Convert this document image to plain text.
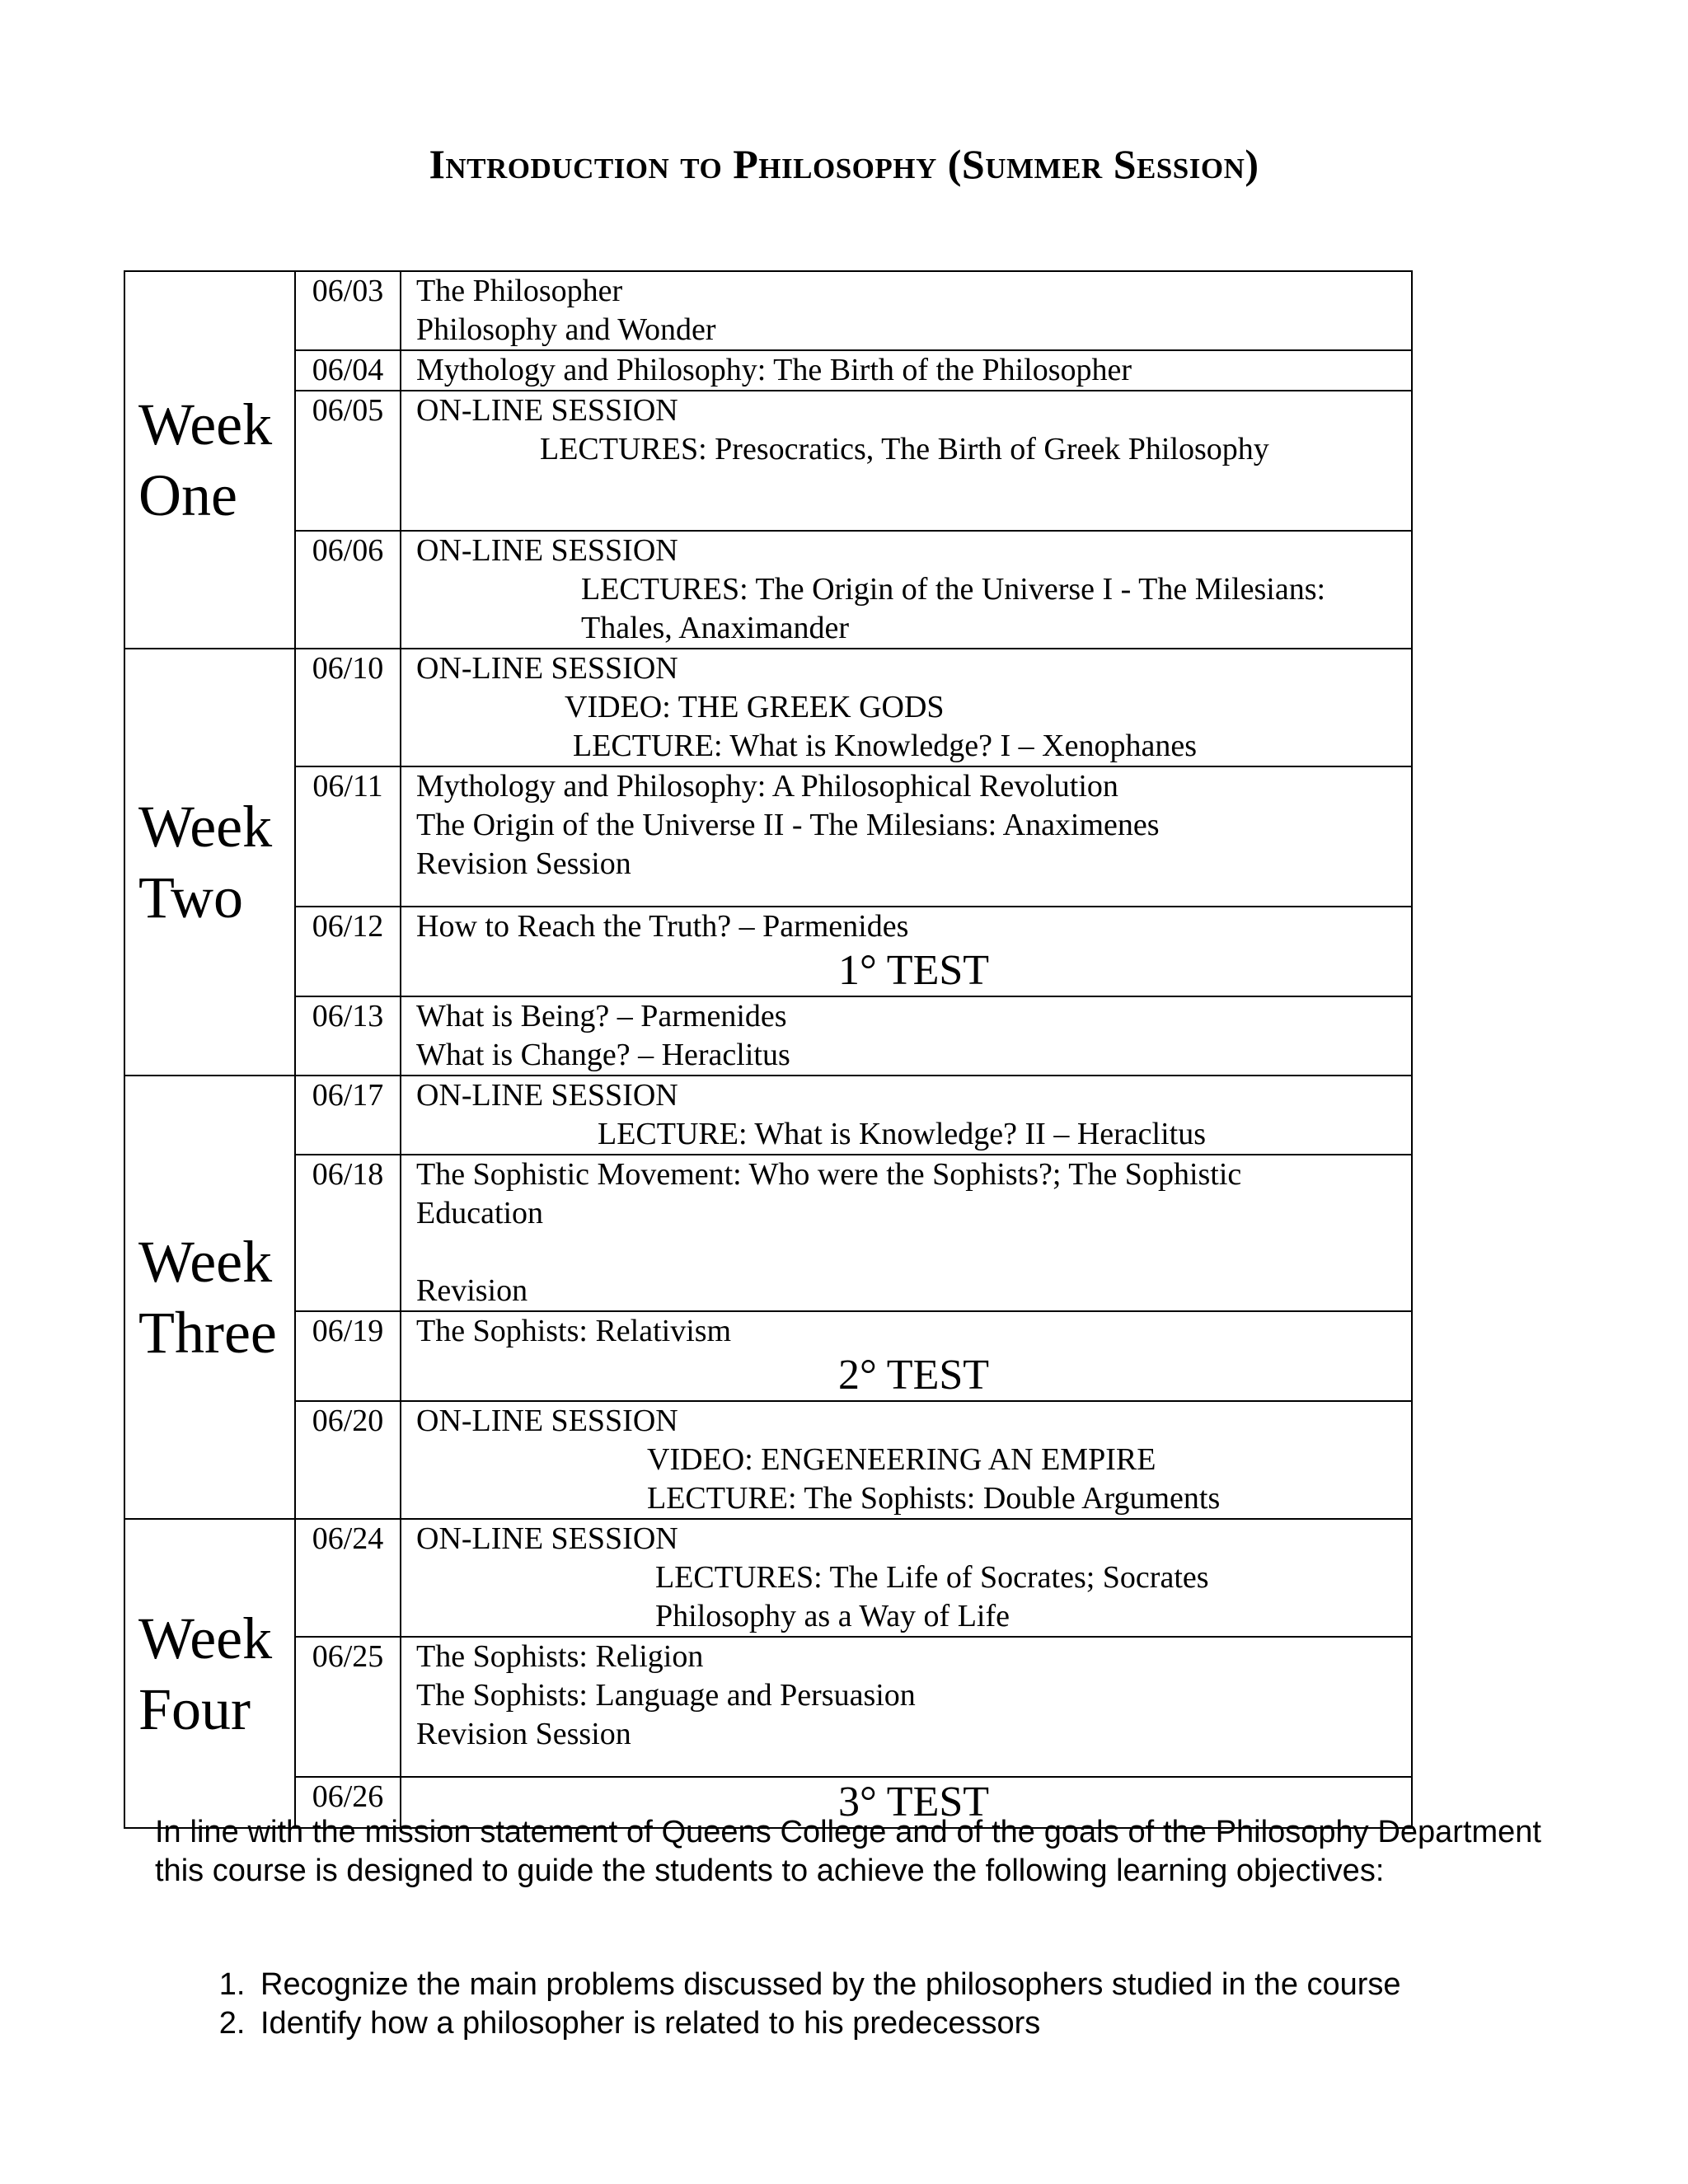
Introduction to Philosophy (Summer Session)
Week
One	06/03	The Philosopher
Philosophy and Wonder

	06/04	Mythology and Philosophy: The Birth of the Philosopher

	06/05	ON-LINE SESSION
LECTURES: Presocratics, The Birth of Greek Philosophy

	06/06	ON-LINE SESSION
LECTURES: The Origin of the Universe I - The Milesians:
Thales, Anaximander

Week
Two	06/10	ON-LINE SESSION
VIDEO: THE GREEK GODS
LECTURE: What is Knowledge? I – Xenophanes

	06/11	Mythology and Philosophy: A Philosophical Revolution
The Origin of the Universe II - The Milesians: Anaximenes
Revision Session

	06/12	How to Reach the Truth? – Parmenides
1° TEST

	06/13	What is Being? – Parmenides
What is Change? – Heraclitus

Week
Three	06/17	ON-LINE SESSION
LECTURE: What is Knowledge? II – Heraclitus

	06/18	The Sophistic Movement: Who were the Sophists?; The Sophistic
Education
Revision

	06/19	The Sophists: Relativism
2° TEST

	06/20	ON-LINE SESSION
VIDEO: ENGENEERING AN EMPIRE
LECTURE: The Sophists: Double Arguments

Week
Four	06/24	ON-LINE SESSION
LECTURES: The Life of Socrates; Socrates
Philosophy as a Way of Life

	06/25	The Sophists: Religion
The Sophists: Language and Persuasion
Revision Session

	06/26	3° TEST

In line with the mission statement of Queens College and of the goals of the Philosophy Department this course is designed to guide the students to achieve the following learning objectives:

1. Recognize the main problems discussed by the philosophers studied in the course
2. Identify how a philosopher is related to his predecessors
